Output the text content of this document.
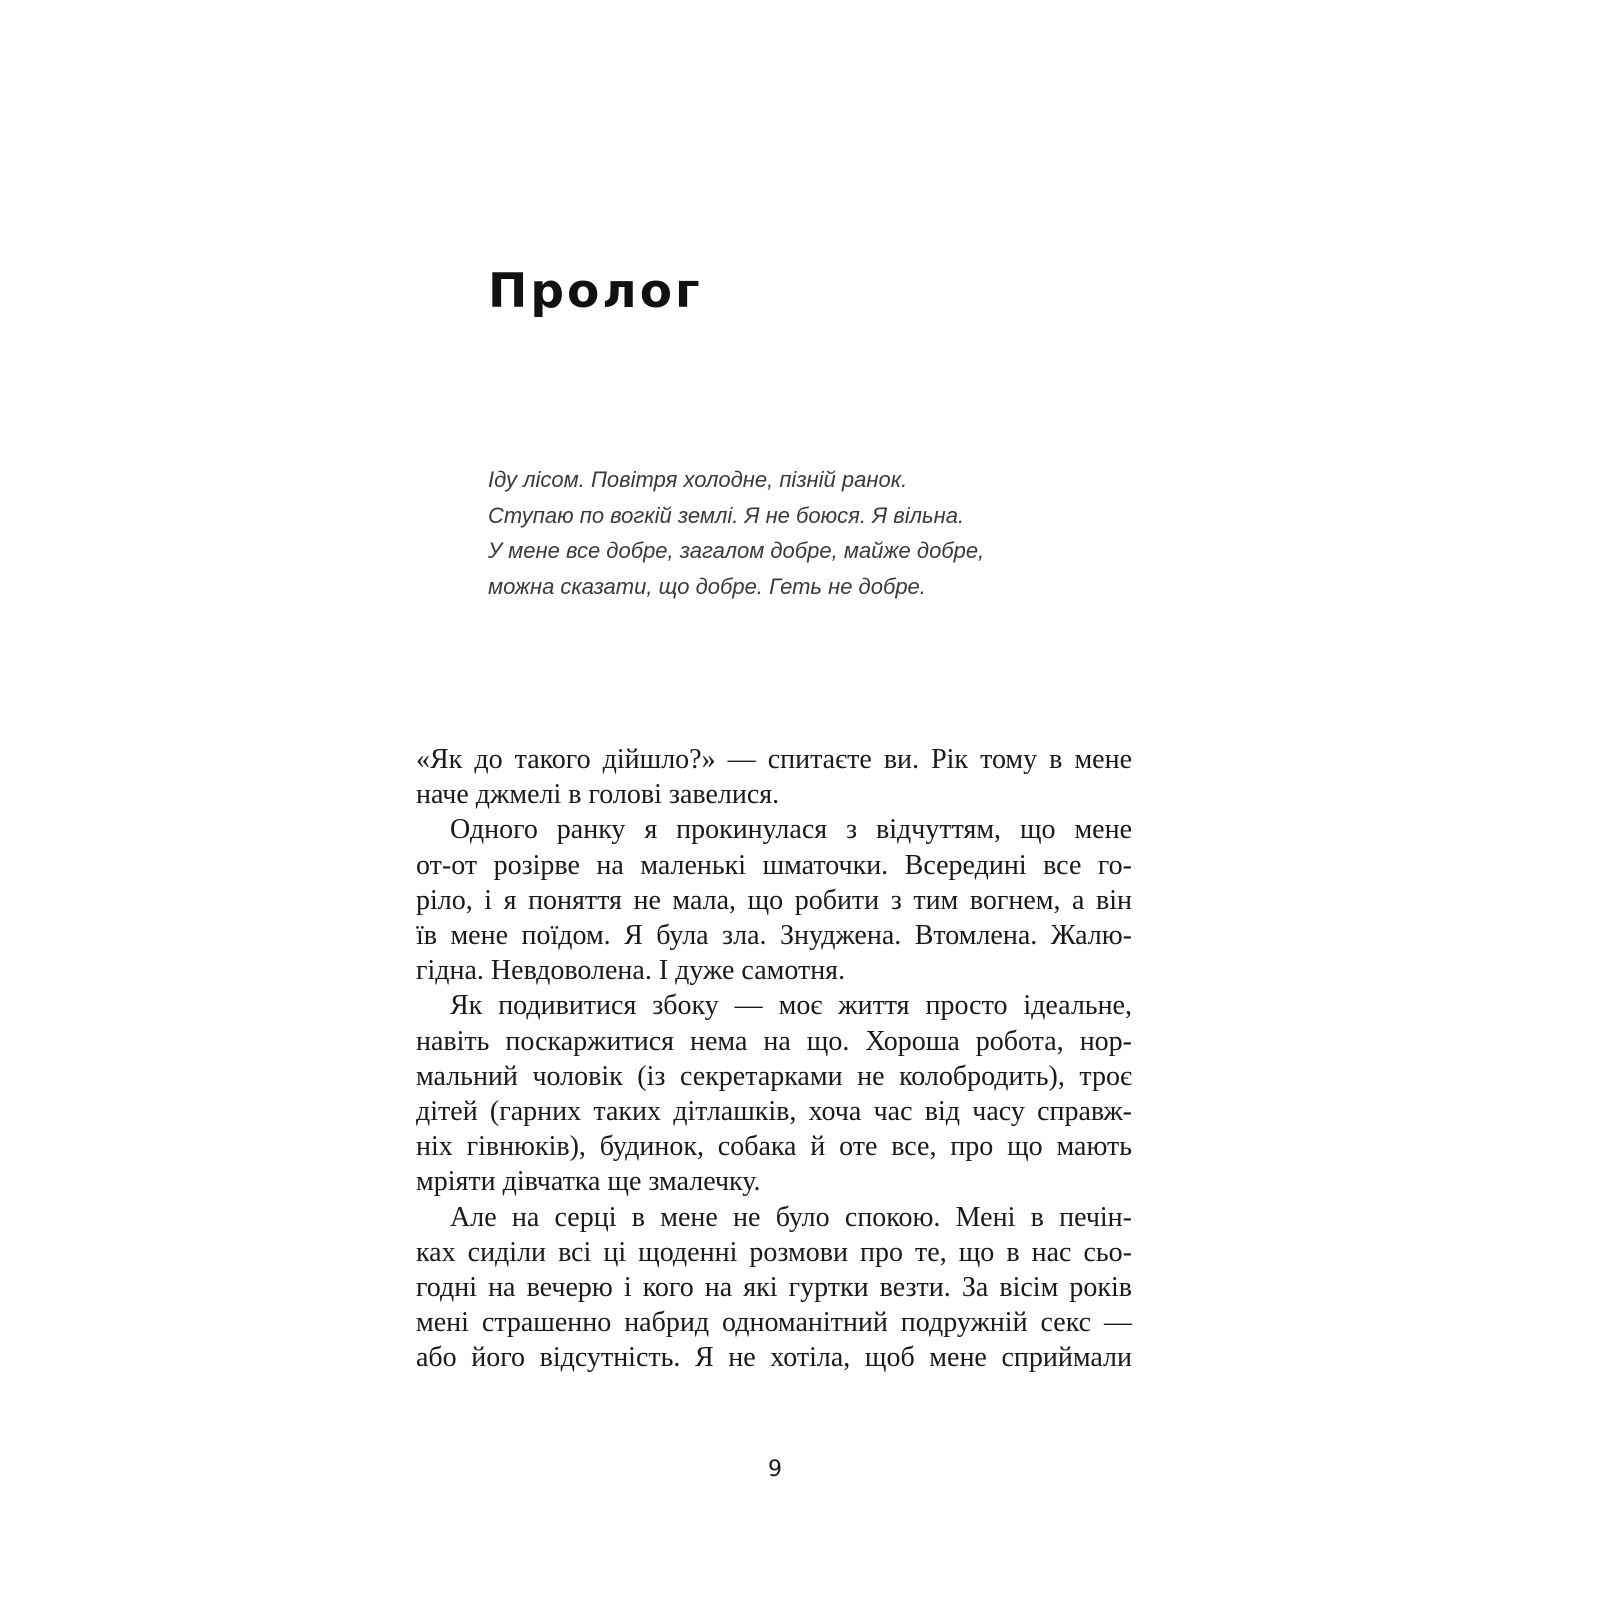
Пролог
Іду лісом. Повітря холодне, пізній ранок.
Ступаю по вогкій землі. Я не боюся. Я вільна.
У мене все добре, загалом добре, майже добре,
можна сказати, що добре. Геть не добре.
«Як до такого дійшло?» — спитаєте ви. Рік тому в мене
наче джмелі в голові завелися.
Одного ранку я прокинулася з відчуттям, що мене
от-от розірве на маленькі шматочки. Всередині все го-
ріло, і я поняття не мала, що робити з тим вогнем, а він
їв мене поїдом. Я була зла. Знуджена. Втомлена. Жалю-
гідна. Невдоволена. І дуже самотня.
Як подивитися збоку — моє життя просто ідеальне,
навіть поскаржитися нема на що. Хороша робота, нор-
мальний чоловік (із секретарками не колобродить), троє
дітей (гарних таких дітлашків, хоча час від часу справж-
ніх гівнюків), будинок, собака й оте все, про що мають
мріяти дівчатка ще змалечку.
Але на серці в мене не було спокою. Мені в печін-
ках сиділи всі ці щоденні розмови про те, що в нас сьо-
годні на вечерю і кого на які гуртки везти. За вісім років
мені страшенно набрид одноманітний подружній секс —
або його відсутність. Я не хотіла, щоб мене сприймали
9
